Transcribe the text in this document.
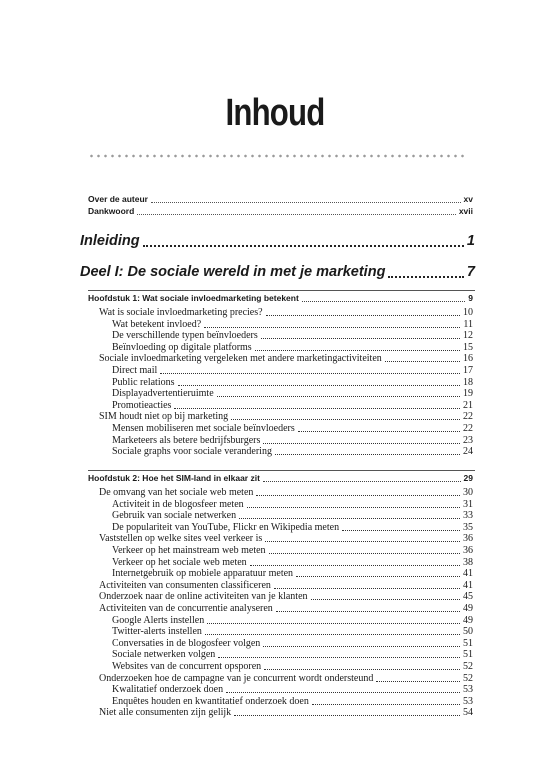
Inhoud
Over de auteur	xv
Dankwoord	xvii
Inleiding	1
Deel I: De sociale wereld in met je marketing	7
Hoofdstuk 1: Wat sociale invloedmarketing betekent	9
Wat is sociale invloedmarketing precies?	10
Wat betekent invloed?	11
De verschillende typen beïnvloeders	12
Beïnvloeding op digitale platforms	15
Sociale invloedmarketing vergeleken met andere marketingactiviteiten	16
Direct mail	17
Public relations	18
Displayadvertentieruimte	19
Promotieacties	21
SIM houdt niet op bij marketing	22
Mensen mobiliseren met sociale beïnvloeders	22
Marketeers als betere bedrijfsburgers	23
Sociale graphs voor sociale verandering	24
Hoofdstuk 2: Hoe het SIM-land in elkaar zit	29
De omvang van het sociale web meten	30
Activiteit in de blogosfeer meten	31
Gebruik van sociale netwerken	33
De populariteit van YouTube, Flickr en Wikipedia meten	35
Vaststellen op welke sites veel verkeer is	36
Verkeer op het mainstream web meten	36
Verkeer op het sociale web meten	38
Internetgebruik op mobiele apparatuur meten	41
Activiteiten van consumenten classificeren	41
Onderzoek naar de online activiteiten van je klanten	45
Activiteiten van de concurrentie analyseren	49
Google Alerts instellen	49
Twitter-alerts instellen	50
Conversaties in de blogosfeer volgen	51
Sociale netwerken volgen	51
Websites van de concurrent opsporen	52
Onderzoeken hoe de campagne van je concurrent wordt ondersteund	52
Kwalitatief onderzoek doen	53
Enquêtes houden en kwantitatief onderzoek doen	53
Niet alle consumenten zijn gelijk	54
